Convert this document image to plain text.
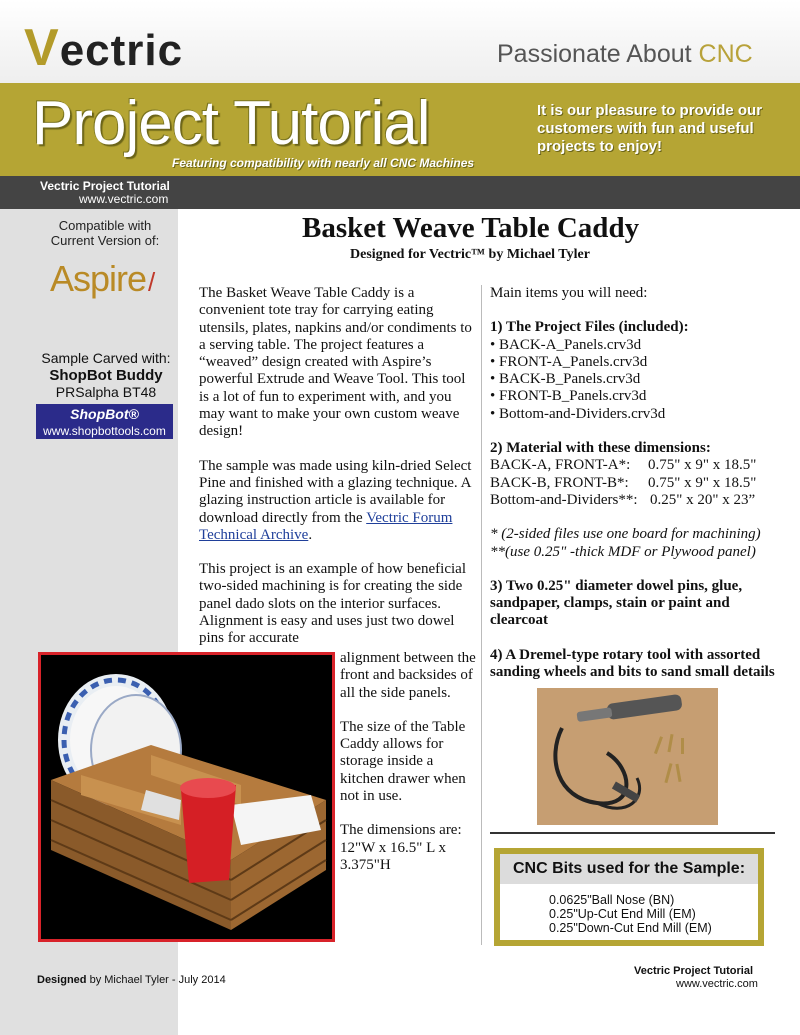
Vectric	Passionate About CNC
Project Tutorial
Featuring compatibility with nearly all CNC Machines
It is our pleasure to provide our customers with fun and useful projects to enjoy!
Vectric Project Tutorial
www.vectric.com
Compatible with
Current Version of:
Aspire/
Sample Carved with:
ShopBot Buddy
PRSalpha BT48
ShopBot®
www.shopbottools.com
Basket Weave Table Caddy
Designed for Vectric™ by Michael Tyler

The Basket Weave Table Caddy is a convenient tote tray for carrying eating utensils, plates, napkins and/or condiments to a serving table. The project features a “weaved” design created with Aspire’s powerful Extrude and Weave Tool. This tool is a lot of fun to experiment with, and you may want to make your own custom weave design!

The sample was made using kiln-dried Select Pine and finished with a glazing technique. A glazing instruction article is available for download directly from the Vectric Forum Technical Archive.

This project is an example of how beneficial two-sided machining is for creating the side panel dado slots on the interior surfaces. Alignment is easy and uses just two dowel pins for accurate

alignment between the front and backsides of all the side panels.

The size of the Table Caddy allows for storage inside a kitchen drawer when not in use.

The dimensions are: 12"W x 16.5" L x 3.375"H

Main items you will need:
1) The Project Files (included):
• BACK-A_Panels.crv3d
• FRONT-A_Panels.crv3d
• BACK-B_Panels.crv3d
• FRONT-B_Panels.crv3d
• Bottom-and-Dividers.crv3d
2) Material with these dimensions:
BACK-A, FRONT-A*: 0.75" x 9" x 18.5"
BACK-B, FRONT-B*: 0.75" x 9" x 18.5"
Bottom-and-Dividers**: 0.25" x 20" x 23”
* (2-sided files use one board for machining)
**(use 0.25" -thick MDF or Plywood panel)
3) Two 0.25" diameter dowel pins, glue, sandpaper, clamps, stain or paint and clearcoat
4) A Dremel-type rotary tool with assorted sanding wheels and bits to sand small details
CNC Bits used for the Sample:
0.0625"Ball Nose (BN)
0.25"Up-Cut End Mill (EM)
0.25"Down-Cut End Mill (EM)
Designed by Michael Tyler - July 2014
Vectric Project Tutorial
www.vectric.com
